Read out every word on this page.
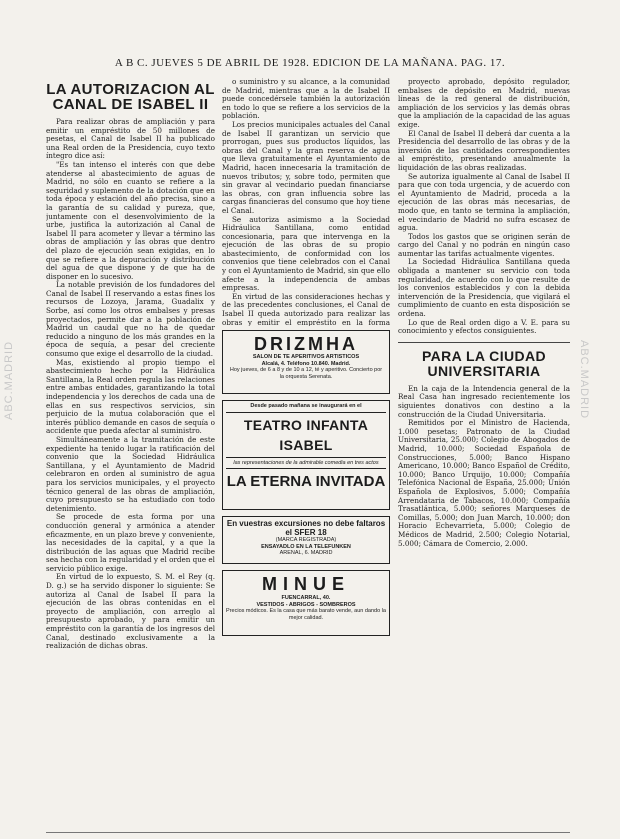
ABC.MADRID	ABC.MADRID
A B C. JUEVES 5 DE ABRIL DE 1928. EDICION DE LA MAÑANA. PAG. 17.
LA AUTORIZACION AL
CANAL DE ISABEL II

Para realizar obras de ampliación y para emitir un empréstito de 50 millones de pesetas, el Canal de Isabel II ha publicado una Real orden de la Presidencia, cuyo texto íntegro dice así:

"Es tan intenso el interés con que debe atenderse al abastecimiento de aguas de Madrid, no sólo en cuanto se refiere a la seguridad y suplemento de la dotación que en toda época y estación del año precisa, sino a la garantía de su calidad y pureza, que, juntamente con el desenvolvimiento de la urbe, justifica la autorización al Canal de Isabel II para acometer y llevar a término las obras de ampliación y las obras que dentro del plazo de ejecución sean exigidas, en lo que se refiere a la depuración y distribución del agua de que dispone y de que ha de disponer en lo sucesivo.

La notable previsión de los fundadores del Canal de Isabel II reservando a estas fines los recursos de Lozoya, Jarama, Guadalix y Sorbe, así como los otros embalses y presas proyectados, permite dar a la población de Madrid un caudal que no ha de quedar reducido a ninguno de los más grandes en la época de sequía, a pesar del creciente consumo que exige el desarrollo de la ciudad.

Mas, existiendo al propio tiempo el abastecimiento hecho por la Hidráulica Santillana, la Real orden regula las relaciones entre ambas entidades, garantizando la total independencia y los derechos de cada una de ellas en sus respectivos servicios, sin perjuicio de la mutua colaboración que el interés público demande en casos de sequía o accidente que pueda afectar al suministro.

Simultáneamente a la tramitación de este expediente ha tenido lugar la ratificación del convenio que la Sociedad Hidráulica Santillana, y el Ayuntamiento de Madrid celebraron en orden al suministro de agua para los servicios municipales, y el proyecto técnico general de las obras de ampliación, cuyo presupuesto se ha estudiado con todo detenimiento.

Se procede de esta forma por una conducción general y armónica a atender eficazmente, en un plazo breve y conveniente, las necesidades de la capital, y a que la distribución de las aguas que Madrid recibe sea hecha con la regularidad y el orden que el servicio público exige.

En virtud de lo expuesto, S. M. el Rey (q. D. g.) se ha servido disponer lo siguiente: Se autoriza al Canal de Isabel II para la ejecución de las obras contenidas en el proyecto de ampliación, con arreglo al presupuesto aprobado, y para emitir un empréstito con la garantía de los ingresos del Canal, destinado exclusivamente a la realización de dichas obras.

o suministro y su alcance, a la comunidad de Madrid, mientras que a la de Isabel II puede concedérsele también la autorización en todo lo que se refiere a los servicios de la población.

Los precios municipales actuales del Canal de Isabel II garantizan un servicio que prorrogan, pues sus productos líquidos, las obras del Canal y la gran reserva de agua que lleva gratuitamente el Ayuntamiento de Madrid, hacen innecesaria la tramitación de nuevos tributos; y, sobre todo, permiten que sin gravar al vecindario puedan financiarse las obras, con gran influencia sobre las cargas financieras del consumo que hoy tiene el Canal.

Se autoriza asimismo a la Sociedad Hidráulica Santillana, como entidad concesionaria, para que intervenga en la ejecución de las obras de su propio abastecimiento, de conformidad con los convenios que tiene celebrados con el Canal y con el Ayuntamiento de Madrid, sin que ello afecte a la independencia de ambas empresas.

En virtud de las consideraciones hechas y de las precedentes conclusiones, el Canal de Isabel II queda autorizado para realizar las obras y emitir el empréstito en la forma

DRIZMHA
SALON DE TE APERITIVOS ARTISTICOS
Alcalá, 4. Teléfono 10.840. Madrid.
Hoy jueves, de 6 a 8 y de 10 a 12, té y aperitivo. Concierto por la orquesta Serenata.
Desde pasado mañana se inaugurará en el
TEATRO INFANTA ISABEL
las representaciones de la admirable comedia en tres actos
LA ETERNA INVITADA
En vuestras excursiones no debe faltaros el SFER 18
(MARCA REGISTRADA)
ENSAYADLO EN LA TELEFUNKEN
ARENAL, 6. MADRID
MINUE
FUENCARRAL, 40.
VESTIDOS - ABRIGOS - SOMBREROS
Precios módicos. Es la casa que más barato vende, aun dando la mejor calidad.

proyecto aprobado, depósito regulador, embalses de depósito en Madrid, nuevas líneas de la red general de distribución, ampliación de los servicios y las demás obras que la ampliación de la capacidad de las aguas exige.

El Canal de Isabel II deberá dar cuenta a la Presidencia del desarrollo de las obras y de la inversión de las cantidades correspondientes al empréstito, presentando anualmente la liquidación de las obras realizadas.

Se autoriza igualmente al Canal de Isabel II para que con toda urgencia, y de acuerdo con el Ayuntamiento de Madrid, proceda a la ejecución de las obras más necesarias, de modo que, en tanto se termina la ampliación, el vecindario de Madrid no sufra escasez de agua.

Todos los gastos que se originen serán de cargo del Canal y no podrán en ningún caso aumentar las tarifas actualmente vigentes.

La Sociedad Hidráulica Santillana queda obligada a mantener su servicio con toda regularidad, de acuerdo con lo que resulte de los convenios establecidos y con la debida intervención de la Presidencia, que vigilará el cumplimiento de cuanto en esta disposición se ordena.

Lo que de Real orden digo a V. E. para su conocimiento y efectos consiguientes.

PARA LA CIUDAD
UNIVERSITARIA

En la caja de la Intendencia general de la Real Casa han ingresado recientemente los siguientes donativos con destino a la construcción de la Ciudad Universitaria.

Remitidos por el Ministro de Hacienda, 1.000 pesetas; Patronato de la Ciudad Universitaria, 25.000; Colegio de Abogados de Madrid, 10.000; Sociedad Española de Construcciones, 5.000; Banco Hispano Americano, 10.000; Banco Español de Crédito, 10.000; Banco Urquijo, 10.000; Compañía Telefónica Nacional de España, 25.000; Unión Española de Explosivos, 5.000; Compañía Arrendataria de Tabacos, 10.000; Compañía Trasatlántica, 5.000; señores Marqueses de Comillas, 5.000; don Juan March, 10.000; don Horacio Echevarrieta, 5.000; Colegio de Médicos de Madrid, 2.500; Colegio Notarial, 5.000; Cámara de Comercio, 2.000.
